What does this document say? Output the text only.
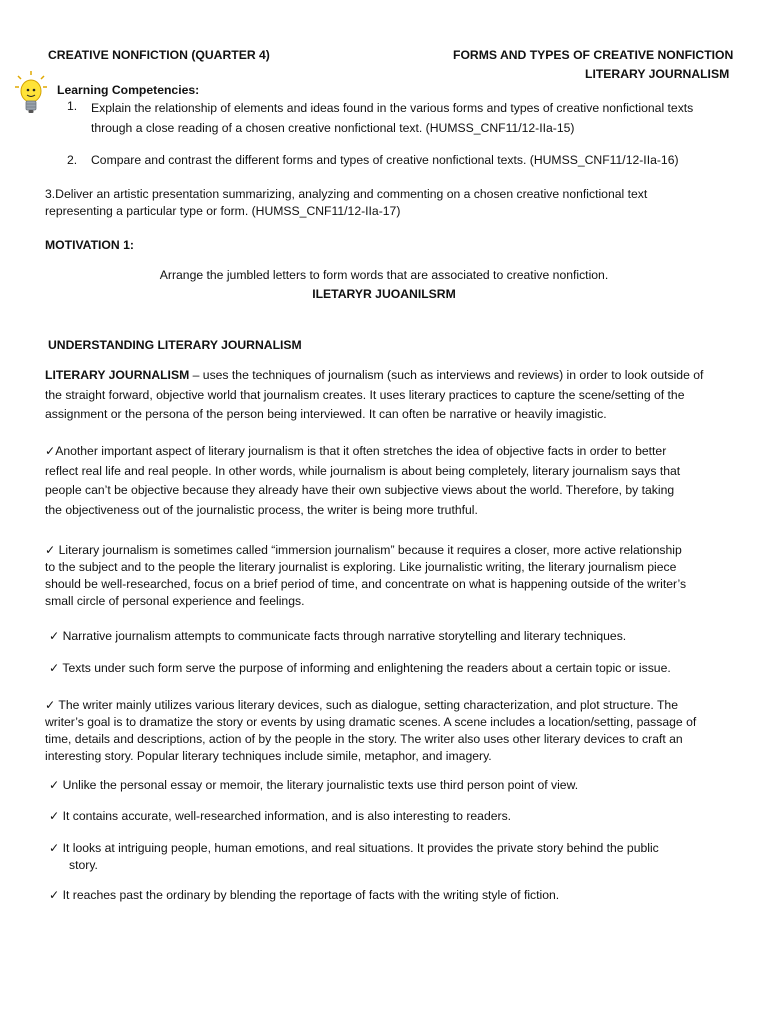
CREATIVE NONFICTION (QUARTER 4)	FORMS AND TYPES OF CREATIVE NONFICTION
LITERARY JOURNALISM
Learning Competencies:
1. Explain the relationship of elements and ideas found in the various forms and types of creative nonfictional texts
through a close reading of a chosen creative nonfictional text. (HUMSS_CNF11/12-IIa-15)
2. Compare and contrast the different forms and types of creative nonfictional texts. (HUMSS_CNF11/12-IIa-16)
3.Deliver an artistic presentation summarizing, analyzing and commenting on a chosen creative nonfictional text
representing a particular type or form. (HUMSS_CNF11/12-IIa-17)
MOTIVATION 1:
Arrange the jumbled letters to form words that are associated to creative nonfiction.
ILETARYR JUOANILSRM
UNDERSTANDING LITERARY JOURNALISM
LITERARY JOURNALISM – uses the techniques of journalism (such as interviews and reviews) in order to look outside of
the straight forward, objective world that journalism creates. It uses literary practices to capture the scene/setting of the
assignment or the persona of the person being interviewed. It can often be narrative or heavily imagistic.
✓Another important aspect of literary journalism is that it often stretches the idea of objective facts in order to better
reflect real life and real people. In other words, while journalism is about being completely, literary journalism says that
people can’t be objective because they already have their own subjective views about the world. Therefore, by taking
the objectiveness out of the journalistic process, the writer is being more truthful.
✓ Literary journalism is sometimes called “immersion journalism” because it requires a closer, more active relationship
to the subject and to the people the literary journalist is exploring. Like journalistic writing, the literary journalism piece
should be well-researched, focus on a brief period of time, and concentrate on what is happening outside of the writer’s
small circle of personal experience and feelings.
✓ Narrative journalism attempts to communicate facts through narrative storytelling and literary techniques.
✓ Texts under such form serve the purpose of informing and enlightening the readers about a certain topic or issue.
✓ The writer mainly utilizes various literary devices, such as dialogue, setting characterization, and plot structure. The
writer’s goal is to dramatize the story or events by using dramatic scenes. A scene includes a location/setting, passage of
time, details and descriptions, action of by the people in the story. The writer also uses other literary devices to craft an
interesting story. Popular literary techniques include simile, metaphor, and imagery.
✓ Unlike the personal essay or memoir, the literary journalistic texts use third person point of view.
✓ It contains accurate, well-researched information, and is also interesting to readers.
✓ It looks at intriguing people, human emotions, and real situations. It provides the private story behind the public
story.
✓ It reaches past the ordinary by blending the reportage of facts with the writing style of fiction.
